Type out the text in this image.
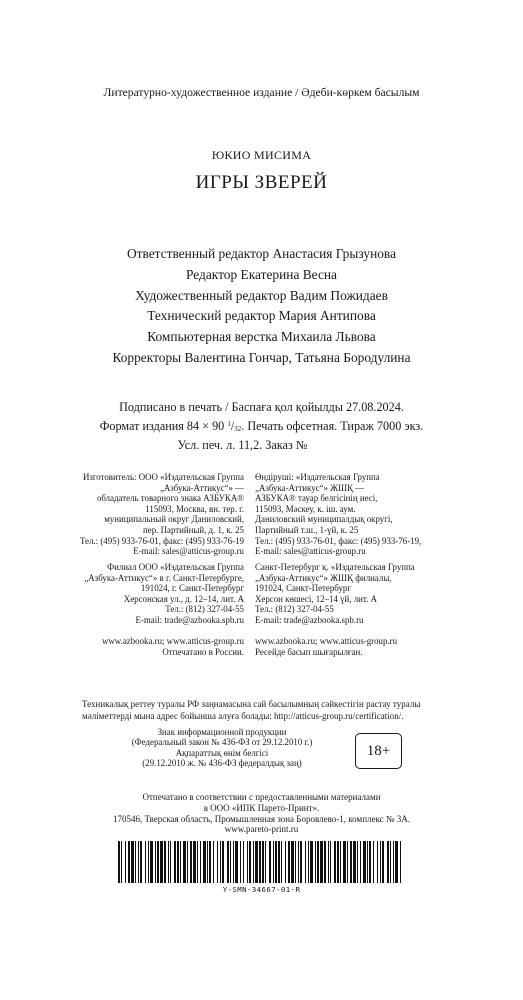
Литературно-художественное издание / Әдеби-көркем басылым
ЮКИО МИСИМА
ИГРЫ ЗВЕРЕЙ
Ответственный редактор Анастасия Грызунова
Редактор Екатерина Весна
Художественный редактор Вадим Пожидаев
Технический редактор Мария Антипова
Компьютерная верстка Михаила Львова
Корректоры Валентина Гончар, Татьяна Бородулина
Подписано в печать / Баспаға қол қойылды 27.08.2024.
Формат издания 84 × 90 $^1$/32. Печать офсетная. Тираж 7000 экз.
Усл. печ. л. 11,2. Заказ №
Изготовитель: ООО «Издательская Группа
„Азбука-Аттикус“» —
обладатель товарного знака АЗБУКА®
115093, Москва, вн. тер. г.
муниципальный округ Даниловский,
пер. Партийный, д. 1, к. 25
Тел.: (495) 933-76-01, факс: (495) 933-76-19
E-mail: sales@atticus-group.ru
Филиал ООО «Издательская Группа
„Азбука-Аттикус“» в г. Санкт-Петербурге,
191024, г. Санкт-Петербург
Херсонская ул., д. 12–14, лит. А
Тел.: (812) 327-04-55
E-mail: trade@azbooka.spb.ru
www.azbooka.ru; www.atticus-group.ru
Отпечатано в России.
Өндіруші: «Издательская Группа
„Азбука-Аттикус“» ЖШҚ —
АЗБУКА® тауар белгісінің иесі,
115093, Мәскеу, к. іш. аум.
Даниловский муниципалдық округі,
Партийный т.ш., 1-үй, к. 25
Тел.: (495) 933-76-01, факс: (495) 933-76-19,
E-mail: sales@atticus-group.ru
Санкт-Петербург қ. «Издательская Группа
„Азбука-Аттикус“» ЖШҚ филиалы,
191024, Санкт-Петербург
Херсон көшесі, 12–14 үй, лит. А
Тел.: (812) 327-04-55
E-mail: trade@azbooka.spb.ru
www.azbooka.ru; www.atticus-group.ru
Ресейде басып шығарылған.
Техникалық реттеу туралы РФ заңнамасына сай басылымның сәйкестігін растау туралы
мәліметтерді мына адрес бойынша алуға болады: http://atticus-group.ru/certification/.
Знак информационной продукции
(Федеральный закон № 436-ФЗ от 29.12.2010 г.)
Ақпараттық өнім белгісі
(29.12.2010 ж. № 436-ФЗ федералдық заң)
18+
Отпечатано в соответствии с предоставленными материалами
в ООО «ИПК Парето-Принт».
170546, Тверская область, Промышленная зона Боровлево-1, комплекс № 3А.
www.pareto-print.ru
Y-SMN-34667-01-R
